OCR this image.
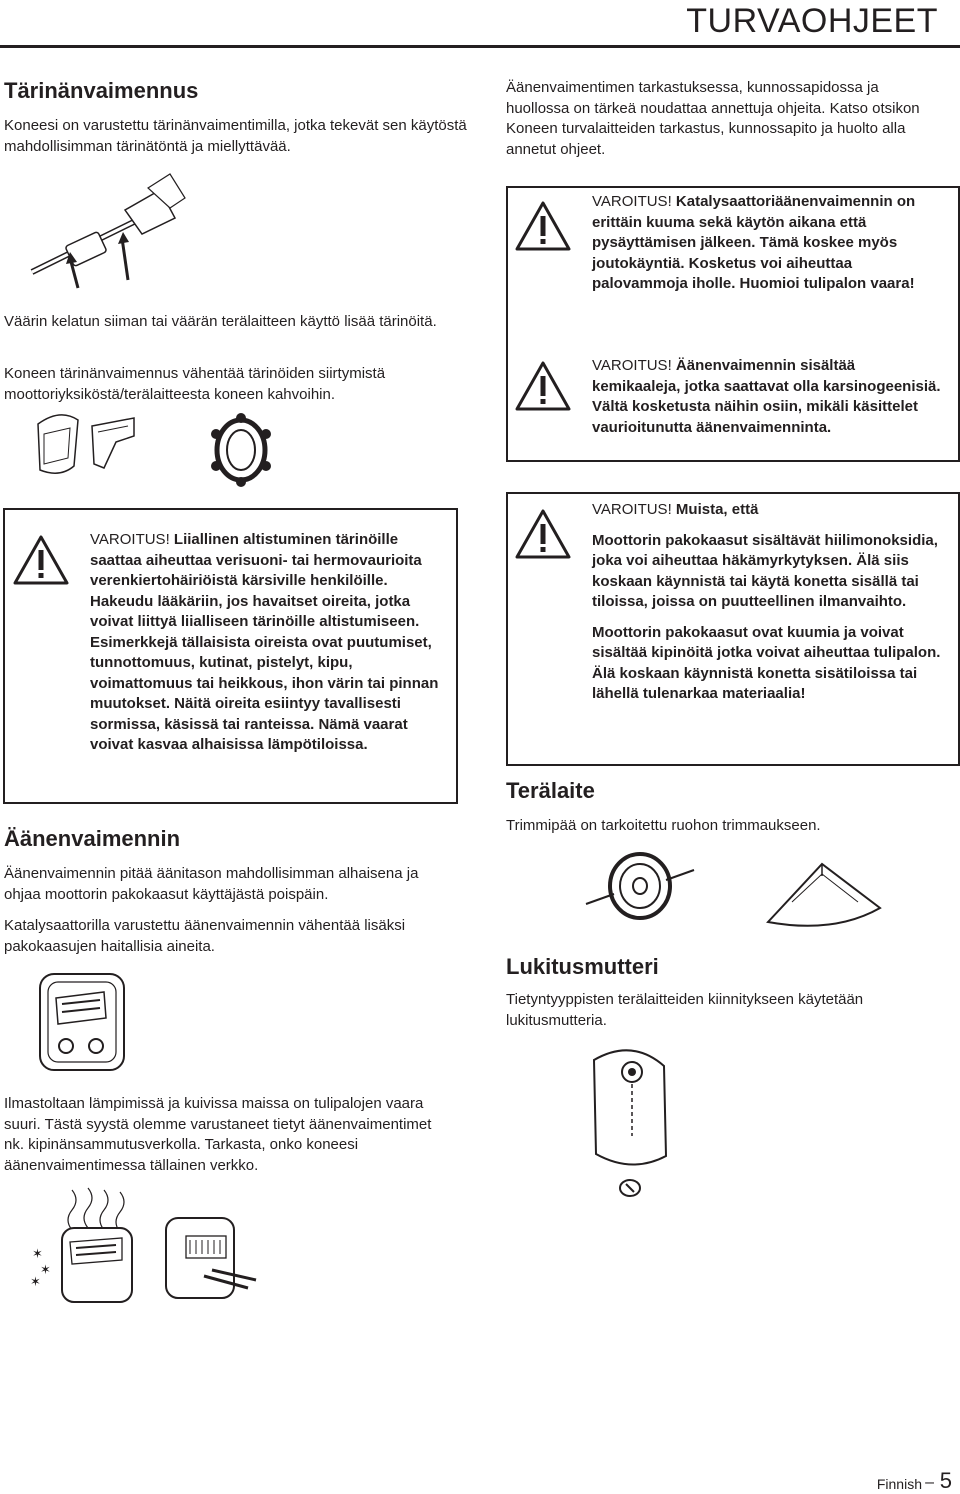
TURVAOHJEET
Tärinänvaimennus

Koneesi on varustettu tärinänvaimentimilla, jotka tekevät sen käytöstä mahdollisimman tärinätöntä ja miellyttävää.

Väärin kelatun siiman tai väärän terälaitteen käyttö lisää tärinöitä.

Koneen tärinänvaimennus vähentää tärinöiden siirtymistä moottoriyksiköstä/terälaitteesta koneen kahvoihin.

VAROITUS! Liiallinen altistuminen tärinöille saattaa aiheuttaa verisuoni- tai hermovaurioita verenkiertohäiriöistä kärsiville henkilöille. Hakeudu lääkäriin, jos havaitset oireita, jotka voivat liittyä liialliseen tärinöille altistumiseen. Esimerkkejä tällaisista oireista ovat puutumiset, tunnottomuus, kutinat, pistelyt, kipu, voimattomuus tai heikkous, ihon värin tai pinnan muutokset. Näitä oireita esiintyy tavallisesti sormissa, käsissä tai ranteissa. Nämä vaarat voivat kasvaa alhaisissa lämpötiloissa.

Äänenvaimennin

Äänenvaimennin pitää äänitason mahdollisimman alhaisena ja ohjaa moottorin pakokaasut käyttäjästä poispäin.

Katalysaattorilla varustettu äänenvaimennin vähentää lisäksi pakokaasujen haitallisia aineita.

Ilmastoltaan lämpimissä ja kuivissa maissa on tulipalojen vaara suuri. Tästä syystä olemme varustaneet tietyt äänenvaimentimet nk. kipinänsammutusverkolla. Tarkasta, onko koneesi äänenvaimentimessa tällainen verkko.

✶
✶
✶

Äänenvaimentimen tarkastuksessa, kunnossapidossa ja huollossa on tärkeä noudattaa annettuja ohjeita. Katso otsikon Koneen turvalaitteiden tarkastus, kunnossapito ja huolto alla annetut ohjeet.

VAROITUS! Katalysaattoriäänenvaimennin on erittäin kuuma sekä käytön aikana että pysäyttämisen jälkeen. Tämä koskee myös joutokäyntiä. Kosketus voi aiheuttaa palovammoja iholle. Huomioi tulipalon vaara!

VAROITUS! Äänenvaimennin sisältää kemikaaleja, jotka saattavat olla karsinogeenisiä. Vältä kosketusta näihin osiin, mikäli käsittelet vaurioitunutta äänenvaimenninta.

VAROITUS! Muista, että
Moottorin pakokaasut sisältävät hiilimonoksidia, joka voi aiheuttaa häkämyrkytyksen. Älä siis koskaan käynnistä tai käytä konetta sisällä tai tiloissa, joissa on puutteellinen ilmanvaihto.
Moottorin pakokaasut ovat kuumia ja voivat sisältää kipinöitä jotka voivat aiheuttaa tulipalon. Älä koskaan käynnistä konetta sisätiloissa tai lähellä tulenarkaa materiaalia!

Terälaite

Trimmipää on tarkoitettu ruohon trimmaukseen.

Lukitusmutteri

Tietyntyyppisten terälaitteiden kiinnitykseen käytetään lukitusmutteria.

Finnish – 5
